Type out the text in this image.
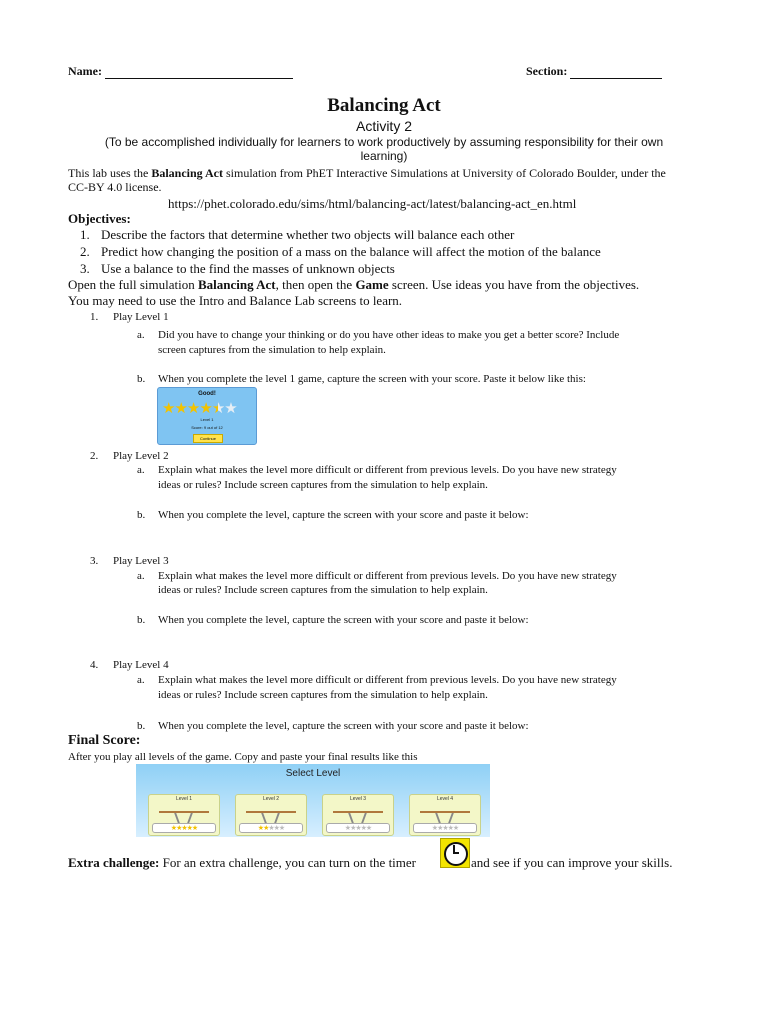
Name:	Section:
Balancing Act
Activity 2
(To be accomplished individually for learners to work productively by assuming responsibility for their own learning)
This lab uses the Balancing Act simulation from PhET Interactive Simulations at University of Colorado Boulder, under the
CC-BY 4.0 license.
https://phet.colorado.edu/sims/html/balancing-act/latest/balancing-act_en.html
Objectives:
1. Describe the factors that determine whether two objects will balance each other
2. Predict how changing the position of a mass on the balance will affect the motion of the balance
3. Use a balance to the find the masses of unknown objects
Open the full simulation Balancing Act, then open the Game screen. Use ideas you have from the objectives.
You may need to use the Intro and Balance Lab screens to learn.
1. Play Level 1
a. Did you have to change your thinking or do you have other ideas to make you get a better score? Include
screen captures from the simulation to help explain.
b. When you complete the level 1 game, capture the screen with your score. Paste it below like this:
Good!
★★★★★★
Level 1
Score: 9 out of 12
Continue
2. Play Level 2
a. Explain what makes the level more difficult or different from previous levels. Do you have new strategy
ideas or rules? Include screen captures from the simulation to help explain.
b. When you complete the level, capture the screen with your score and paste it below:
3. Play Level 3
a. Explain what makes the level more difficult or different from previous levels. Do you have new strategy
ideas or rules? Include screen captures from the simulation to help explain.
b. When you complete the level, capture the screen with your score and paste it below:
4. Play Level 4
a. Explain what makes the level more difficult or different from previous levels. Do you have new strategy
ideas or rules? Include screen captures from the simulation to help explain.
b. When you complete the level, capture the screen with your score and paste it below:
Final Score:
After you play all levels of the game. Copy and paste your final results like this
Select Level
Level 1
★★★★★
Level 2
★★★★★
Level 3
★★★★★
Level 4
★★★★★
Extra challenge: For an extra challenge, you can turn on the timer	and see if you can improve your skills.
